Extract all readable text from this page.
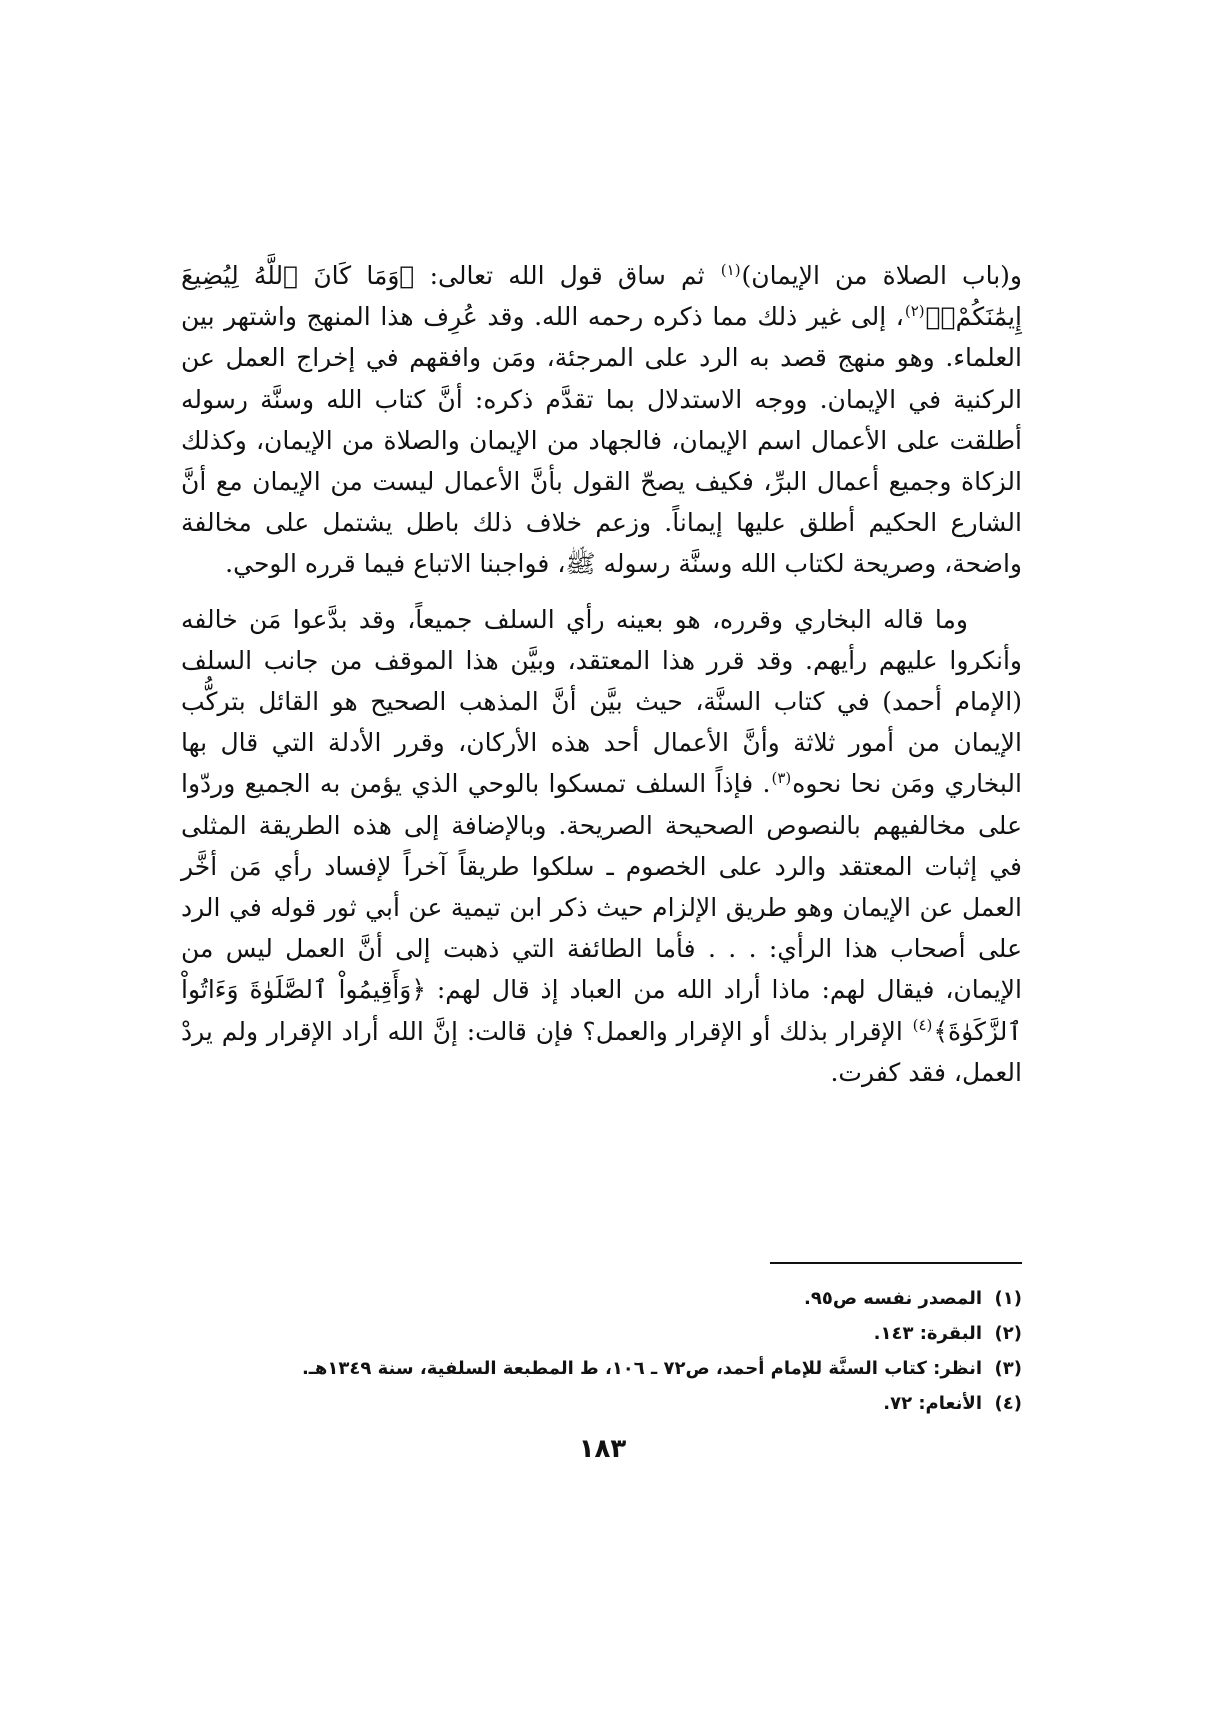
و(باب الصلاة من الإيمان)$^{(١)}$ ثم ساق قول الله تعالى: ﴿وَمَا كَانَ ٱللَّهُ لِيُضِيعَ إِيمَٰنَكُمْۚ﴾$^{(٢)}$، إلى غير ذلك مما ذكره رحمه الله. وقد عُرِف هذا المنهج واشتهر بين العلماء. وهو منهج قصد به الرد على المرجئة، ومَن وافقهم في إخراج العمل عن الركنية في الإيمان. ووجه الاستدلال بما تقدَّم ذكره: أنَّ كتاب الله وسنَّة رسوله أطلقت على الأعمال اسم الإيمان، فالجهاد من الإيمان والصلاة من الإيمان، وكذلك الزكاة وجميع أعمال البرِّ، فكيف يصحّ القول بأنَّ الأعمال ليست من الإيمان مع أنَّ الشارع الحكيم أطلق عليها إيماناً. وزعم خلاف ذلك باطل يشتمل على مخالفة واضحة، وصريحة لكتاب الله وسنَّة رسوله ﷺ، فواجبنا الاتباع فيما قرره الوحي.

وما قاله البخاري وقرره، هو بعينه رأي السلف جميعاً، وقد بدَّعوا مَن خالفه وأنكروا عليهم رأيهم. وقد قرر هذا المعتقد، وبيَّن هذا الموقف من جانب السلف (الإمام أحمد) في كتاب السنَّة، حيث بيَّن أنَّ المذهب الصحيح هو القائل بتركُّب الإيمان من أمور ثلاثة وأنَّ الأعمال أحد هذه الأركان، وقرر الأدلة التي قال بها البخاري ومَن نحا نحوه$^{(٣)}$. فإذاً السلف تمسكوا بالوحي الذي يؤمن به الجميع وردّوا على مخالفيهم بالنصوص الصحيحة الصريحة. وبالإضافة إلى هذه الطريقة المثلى في إثبات المعتقد والرد على الخصوم ـ سلكوا طريقاً آخراً لإفساد رأي مَن أخَّر العمل عن الإيمان وهو طريق الإلزام حيث ذكر ابن تيمية عن أبي ثور قوله في الرد على أصحاب هذا الرأي: . . . فأما الطائفة التي ذهبت إلى أنَّ العمل ليس من الإيمان، فيقال لهم: ماذا أراد الله من العباد إذ قال لهم: ﴿وَأَقِيمُواْ ٱلصَّلَوٰةَ وَءَاتُواْ ٱلزَّكَوٰةَ﴾$^{(٤)}$ الإقرار بذلك أو الإقرار والعمل؟ فإن قالت: إنَّ الله أراد الإقرار ولم يردْ العمل، فقد كفرت.

(١)المصدر نفسه ص٩٥.
(٢)البقرة: ١٤٣.
(٣)انظر: كتاب السنَّة للإمام أحمد، ص٧٢ ـ ١٠٦، ط المطبعة السلفية، سنة ١٣٤٩هـ.
(٤)الأنعام: ٧٢.
١٨٣
